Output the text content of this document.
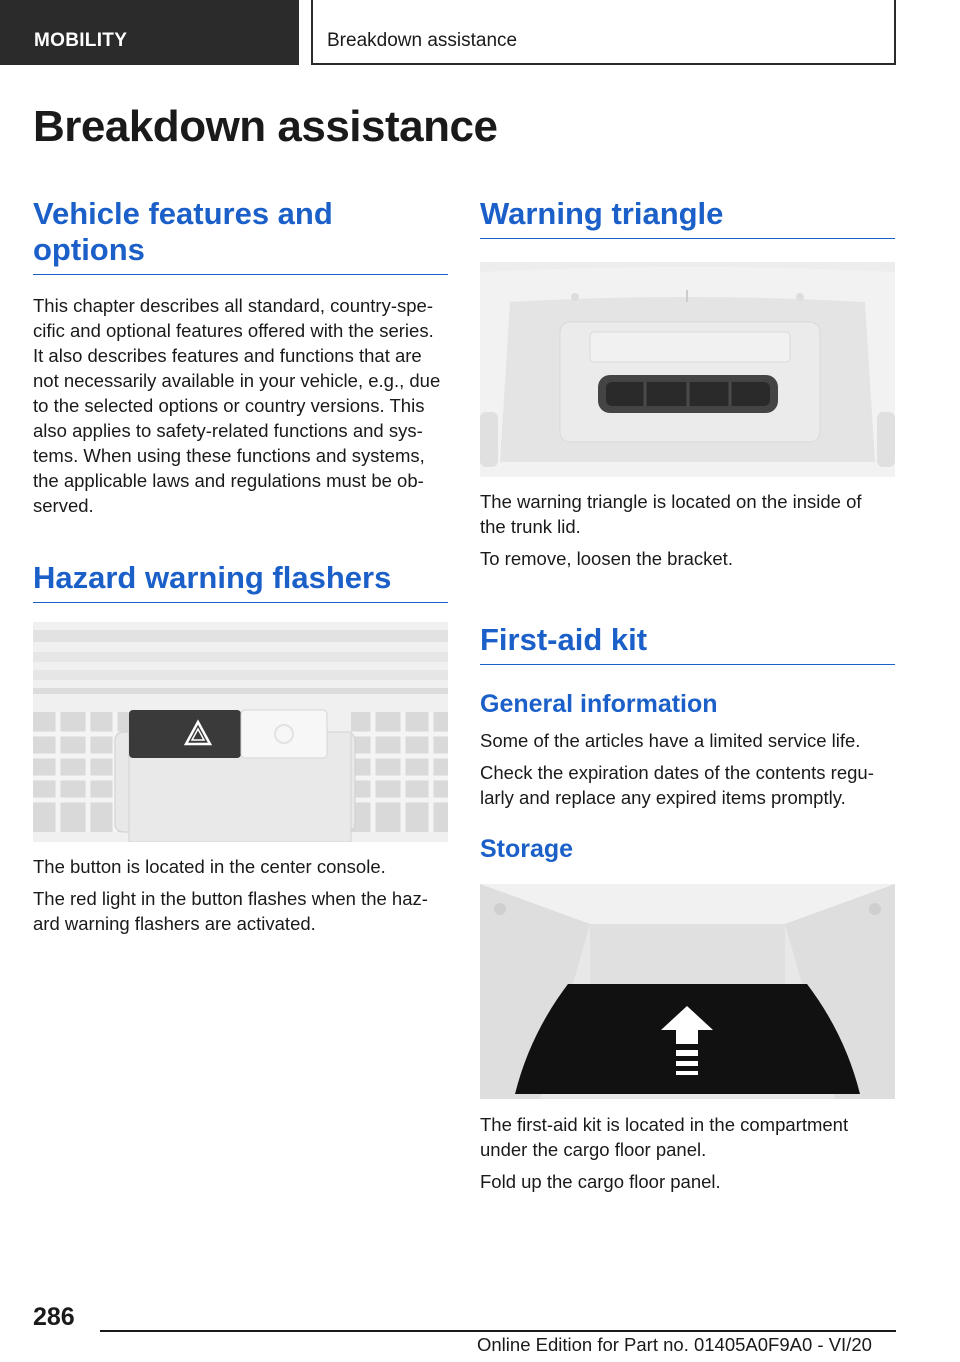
MOBILITY	Breakdown assistance
Breakdown assistance
Vehicle features and options
This chapter describes all standard, country-spe-
cific and optional features offered with the series.
It also describes features and functions that are
not necessarily available in your vehicle, e.g., due
to the selected options or country versions. This
also applies to safety-related functions and sys-
tems. When using these functions and systems,
the applicable laws and regulations must be ob-
served.
Hazard warning flashers
The button is located in the center console.
The red light in the button flashes when the haz-
ard warning flashers are activated.
Warning triangle
The warning triangle is located on the inside of
the trunk lid.
To remove, loosen the bracket.
First-aid kit
General information
Some of the articles have a limited service life.
Check the expiration dates of the contents regu-
larly and replace any expired items promptly.
Storage
The first-aid kit is located in the compartment
under the cargo floor panel.
Fold up the cargo floor panel.
286
Online Edition for Part no. 01405A0F9A0 - VI/20
